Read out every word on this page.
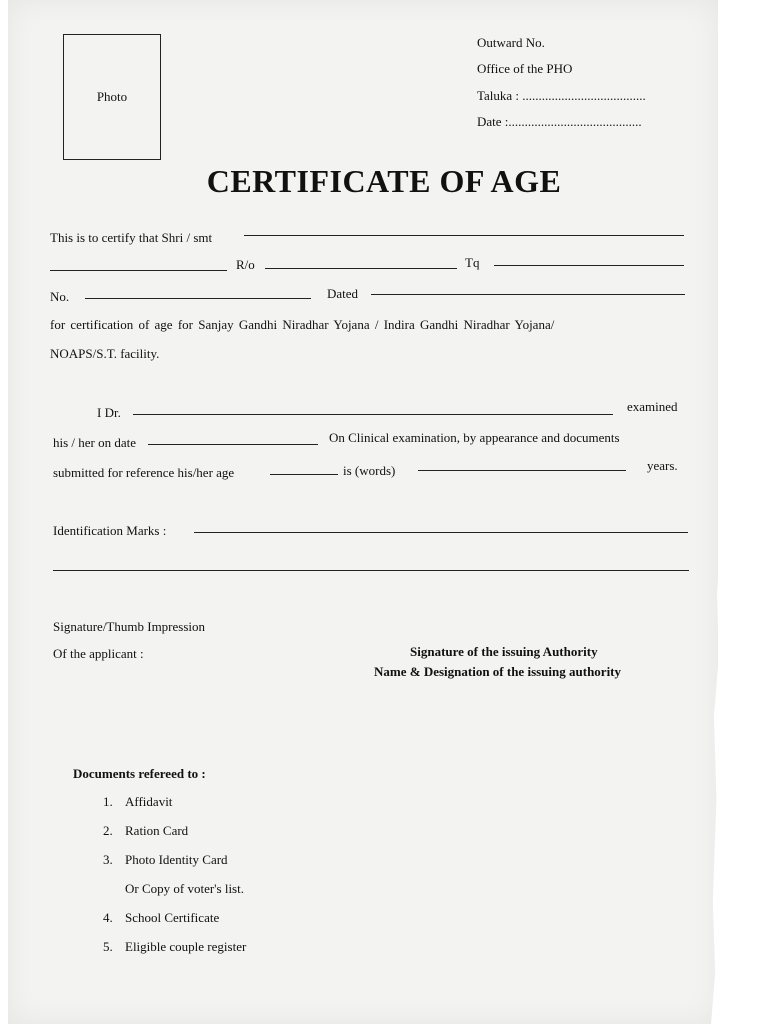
Photo
Outward No.
Office of the PHO
Taluka : ......................................
Date :.........................................
CERTIFICATE OF AGE
This is to certify that Shri / smt
R/o	Tq
No.	Dated
for certification of age for Sanjay Gandhi Niradhar Yojana / Indira Gandhi Niradhar Yojana/
NOAPS/S.T. facility.
I Dr.	examined
his / her on date	On Clinical examination, by appearance and documents
submitted for reference his/her age	is (words)	years.
Identification Marks :
Signature/Thumb Impression
Of the applicant :	Signature of the issuing Authority
Name & Designation of the issuing authority
Documents refereed to :
1. Affidavit
2. Ration Card
3. Photo Identity Card
Or Copy of voter's list.
4. School Certificate
5. Eligible couple register
